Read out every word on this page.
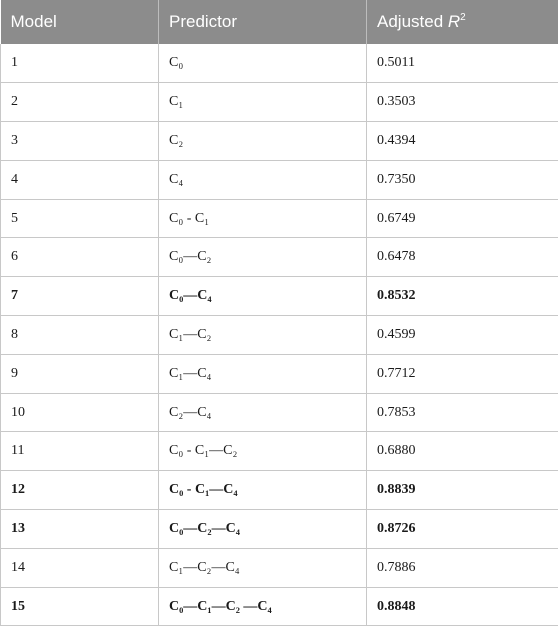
Model	Predictor	Adjusted $R^2$
1	C₀	0.5011
2	C₁	0.3503
3	C₂	0.4394
4	C₄	0.7350
5	C₀ - C₁	0.6749
6	C₀—C₂	0.6478
7	C₀—C₄	0.8532
8	C₁—C₂	0.4599
9	C₁—C₄	0.7712
10	C₂—C₄	0.7853
11	C₀ - C₁—C₂	0.6880
12	C₀ - C₁—C₄	0.8839
13	C₀—C₂—C₄	0.8726
14	C₁—C₂—C₄	0.7886
15	C₀—C₁—C₂ —C₄	0.8848
